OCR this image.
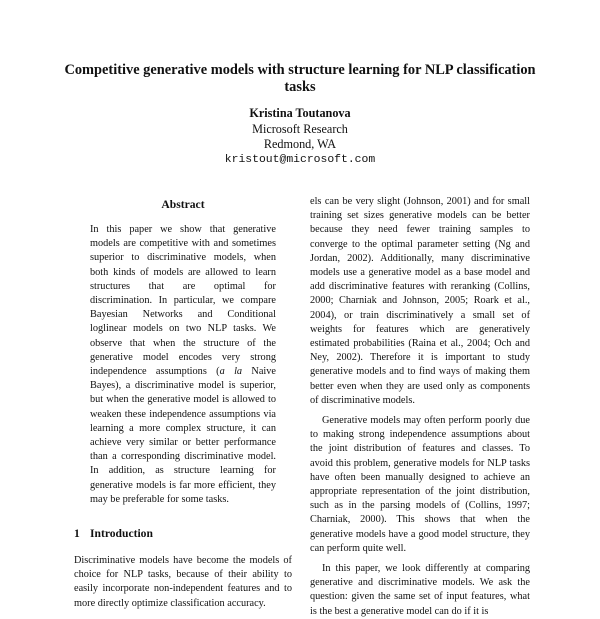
Competitive generative models with structure learning for NLP classification tasks
Kristina Toutanova
Microsoft Research
Redmond, WA
kristout@microsoft.com
Abstract
In this paper we show that generative models are competitive with and sometimes superior to discriminative models, when both kinds of models are allowed to learn structures that are optimal for discrimination. In particular, we compare Bayesian Networks and Conditional loglinear models on two NLP tasks. We observe that when the structure of the generative model encodes very strong independence assumptions (a la Naive Bayes), a discriminative model is superior, but when the generative model is allowed to weaken these independence assumptions via learning a more complex structure, it can achieve very similar or better performance than a corresponding discriminative model. In addition, as structure learning for generative models is far more efficient, they may be preferable for some tasks.
1 Introduction

Discriminative models have become the models of choice for NLP tasks, because of their ability to easily incorporate non-independent features and to more directly optimize classification accuracy.

els can be very slight (Johnson, 2001) and for small training set sizes generative models can be better because they need fewer training samples to converge to the optimal parameter setting (Ng and Jordan, 2002). Additionally, many discriminative models use a generative model as a base model and add discriminative features with reranking (Collins, 2000; Charniak and Johnson, 2005; Roark et al., 2004), or train discriminatively a small set of weights for features which are generatively estimated probabilities (Raina et al., 2004; Och and Ney, 2002). Therefore it is important to study generative models and to find ways of making them better even when they are used only as components of discriminative models.

Generative models may often perform poorly due to making strong independence assumptions about the joint distribution of features and classes. To avoid this problem, generative models for NLP tasks have often been manually designed to achieve an appropriate representation of the joint distribution, such as in the parsing models of (Collins, 1997; Charniak, 2000). This shows that when the generative models have a good model structure, they can perform quite well.

In this paper, we look differently at comparing generative and discriminative models. We ask the question: given the same set of input features, what is the best a generative model can do if it is
